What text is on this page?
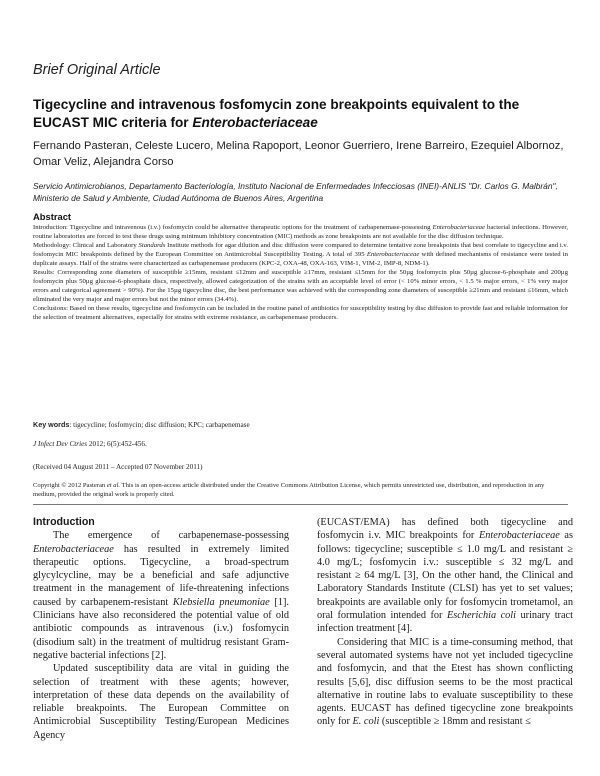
Brief Original Article
Tigecycline and intravenous fosfomycin zone breakpoints equivalent to the EUCAST MIC criteria for Enterobacteriaceae
Fernando Pasteran, Celeste Lucero, Melina Rapoport, Leonor Guerriero, Irene Barreiro, Ezequiel Albornoz, Omar Veliz, Alejandra Corso
Servicio Antimicrobianos, Departamento Bacteriología, Instituto Nacional de Enfermedades Infecciosas (INEI)-ANLIS "Dr. Carlos G. Malbrán", Ministerio de Salud y Ambiente, Ciudad Autónoma de Buenos Aires, Argentina
Abstract

Introduction: Tigecycline and intravenous (i.v.) fosfomycin could be alternative therapeutic options for the treatment of carbapenemase-possessing Enterobacteriaceae bacterial infections. However, routine laboratories are forced to test these drugs using minimum inhibitory concentration (MIC) methods as zone breakpoints are not available for the disc diffusion technique.

Methodology: Clinical and Laboratory Standards Institute methods for agar dilution and disc diffusion were compared to determine tentative zone breakpoints that best correlate to tigecycline and i.v. fosfomycin MIC breakpoints defined by the European Committee on Antimicrobial Susceptibility Testing. A total of 395 Enterobacteriaceae with defined mechanisms of resistance were tested in duplicate assays. Half of the strains were characterized as carbapenemase producers (KPC-2, OXA-48, OXA-163, VIM-1, VIM-2, IMP-8, NDM-1).

Results: Corresponding zone diameters of susceptible ≥15mm, resistant ≤12mm and susceptible ≥17mm, resistant ≤15mm for the 50µg fosfomycin plus 50µg glucose-6-phosphate and 200µg fosfomycin plus 50µg glucose-6-phosphate discs, respectively, allowed categorization of the strains with an acceptable level of error (< 10% minor errors, < 1.5 % major errors, < 1% very major errors and categorical agreement > 90%). For the 15µg tigecycline disc, the best performance was achieved with the corresponding zone diameters of susceptible ≥21mm and resistant ≤16mm, which eliminated the very major and major errors but not the minor errors (34.4%).

Conclusions: Based on these results, tigecycline and fosfomycin can be included in the routine panel of antibiotics for susceptibility testing by disc diffusion to provide fast and reliable information for the selection of treatment alternatives, especially for strains with extreme resistance, as carbapenemase producers.

Key words: tigecycline; fosfomycin; disc diffusion; KPC; carbapenemase
J Infect Dev Ctries 2012; 6(5):452-456.
(Received 04 August 2011 – Accepted 07 November 2011)
Copyright © 2012 Pasteran et al. This is an open-access article distributed under the Creative Commons Attribution License, which permits unrestricted use, distribution, and reproduction in any medium, provided the original work is properly cited.

Introduction

The emergence of carbapenemase-possessing Enterobacteriaceae has resulted in extremely limited therapeutic options. Tigecycline, a broad-spectrum glycylcycline, may be a beneficial and safe adjunctive treatment in the management of life-threatening infections caused by carbapenem-resistant Klebsiella pneumoniae [1]. Clinicians have also reconsidered the potential value of old antibiotic compounds as intravenous (i.v.) fosfomycin (disodium salt) in the treatment of multidrug resistant Gram-negative bacterial infections [2].

Updated susceptibility data are vital in guiding the selection of treatment with these agents; however, interpretation of these data depends on the availability of reliable breakpoints. The European Committee on Antimicrobial Susceptibility Testing/European Medicines Agency

(EUCAST/EMA) has defined both tigecycline and fosfomycin i.v. MIC breakpoints for Enterobacteriaceae as follows: tigecycline; susceptible ≤ 1.0 mg/L and resistant ≥ 4.0 mg/L; fosfomycin i.v.: susceptible ≤ 32 mg/L and resistant ≥ 64 mg/L [3], On the other hand, the Clinical and Laboratory Standards Institute (CLSI) has yet to set values; breakpoints are available only for fosfomycin trometamol, an oral formulation intended for Escherichia coli urinary tract infection treatment [4].

Considering that MIC is a time-consuming method, that several automated systems have not yet included tigecycline and fosfomycin, and that the Etest has shown conflicting results [5,6], disc diffusion seems to be the most practical alternative in routine labs to evaluate susceptibility to these agents. EUCAST has defined tigecycline zone breakpoints only for E. coli (susceptible ≥ 18mm and resistant ≤
